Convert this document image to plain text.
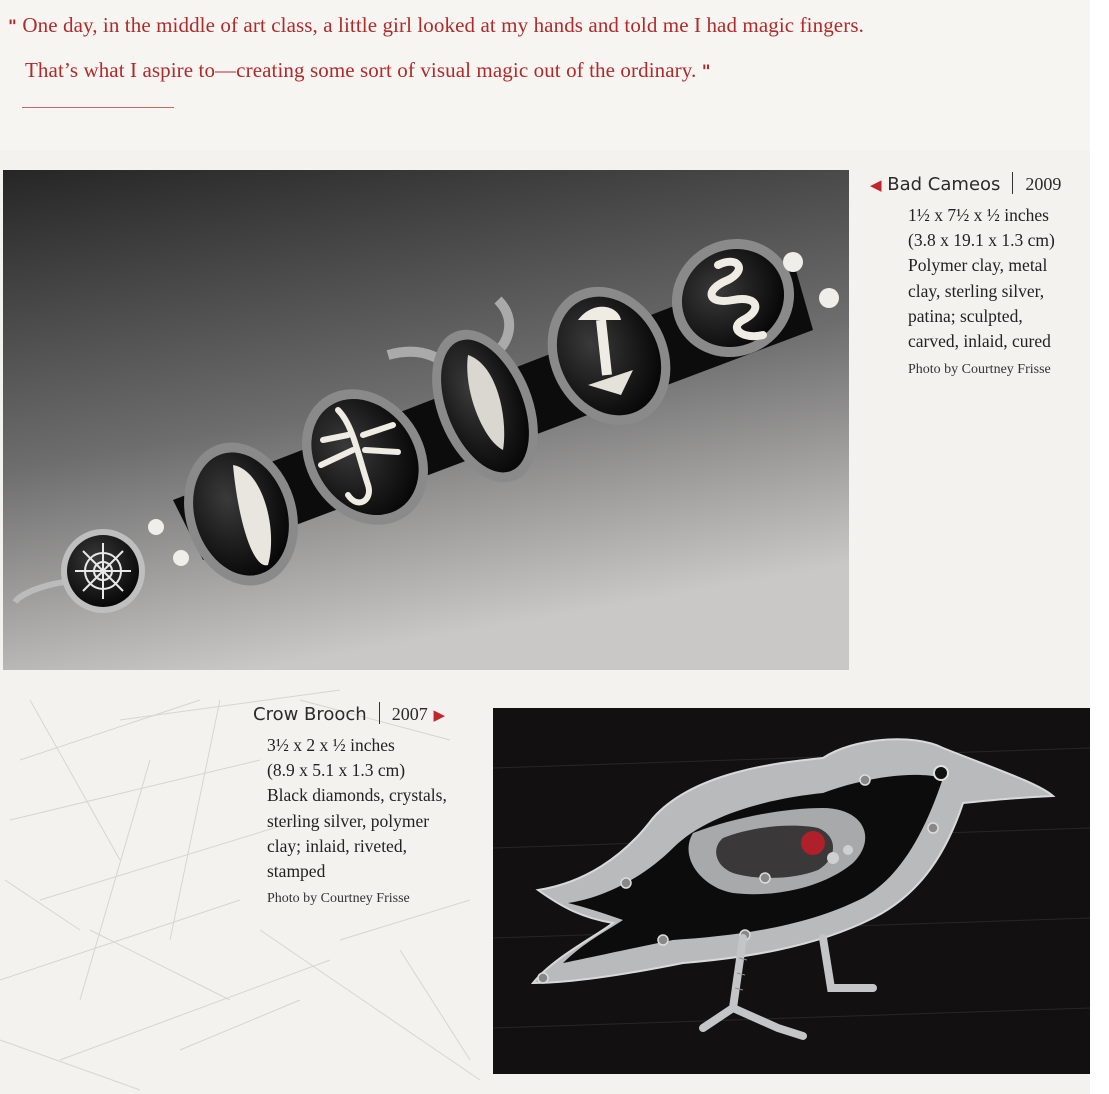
" One day, in the middle of art class, a little girl looked at my hands and told me I had magic fingers.
That’s what I aspire to—creating some sort of visual magic out of the ordinary. "
◀ Bad Cameos 2009
1½ x 7½ x ½ inches
(3.8 x 19.1 x 1.3 cm)
Polymer clay, metal
clay, sterling silver,
patina; sculpted,
carved, inlaid, cured
Photo by Courtney Frisse
Crow Brooch 2007 ▶
3½ x 2 x ½ inches
(8.9 x 5.1 x 1.3 cm)
Black diamonds, crystals,
sterling silver, polymer
clay; inlaid, riveted,
stamped
Photo by Courtney Frisse
